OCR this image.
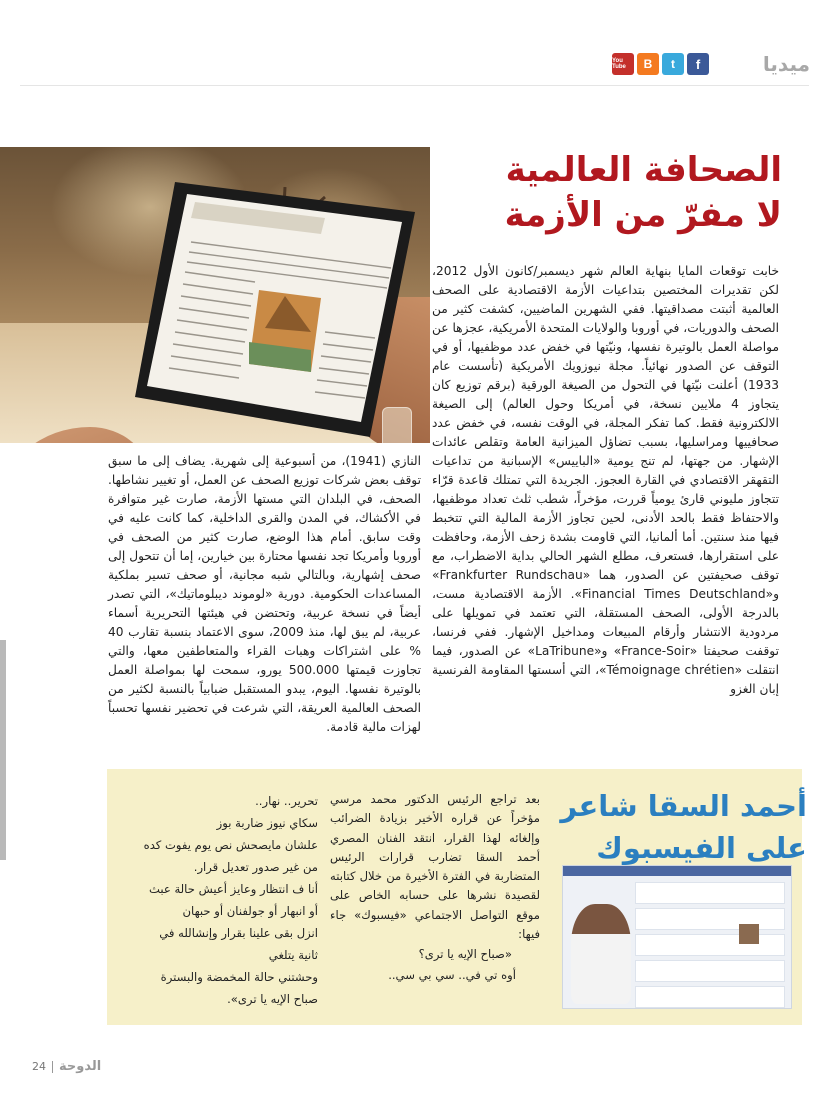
You Tube	B	t	f	ميديا
الصحافة العالمية
لا مفرّ من الأزمة
خابت توقعات المايا بنهاية العالم شهر ديسمبر/كانون الأول 2012، لكن تقديرات المختصين بتداعيات الأزمة الاقتصادية على الصحف العالمية أثبتت مصداقيتها. ففي الشهرين الماضيين، كشفت كثير من الصحف والدوريات، في أوروبا والولايات المتحدة الأمريكية، عجزها عن مواصلة العمل بالوتيرة نفسها، ونيّتها في خفض عدد موظفيها، أو في التوقف عن الصدور نهائياً. مجلة نيوزويك الأمريكية (تأسست عام 1933) أعلنت نيّتها في التحول من الصيغة الورقية (برقم توزيع كان يتجاوز 4 ملايين نسخة، في أمريكا وحول العالم) إلى الصيغة الالكترونية فقط. كما تفكر المجلة، في الوقت نفسه، في خفض عدد صحافييها ومراسليها، بسبب تضاؤل الميزانية العامة وتقلص عائدات الإشهار. من جهتها، لم تنج يومية «الباييس» الإسبانية من تداعيات التقهقر الاقتصادي في القارة العجوز. الجريدة التي تمتلك قاعدة قرّاء تتجاوز مليوني قارئ يومياً قررت، مؤخراً، شطب ثلث تعداد موظفيها، والاحتفاظ فقط بالحد الأدنى، لحين تجاوز الأزمة المالية التي تتخبط فيها منذ سنتين. أما ألمانيا، التي قاومت بشدة زحف الأزمة، وحافظت على استقرارها، فستعرف، مطلع الشهر الحالي بداية الاضطراب، مع توقف صحيفتين عن الصدور، هما «Frankfurter Rundschau» و«Financial Times Deutschland». الأزمة الاقتصادية مست، بالدرجة الأولى، الصحف المستقلة، التي تعتمد في تمويلها على مردودية الانتشار وأرقام المبيعات ومداخيل الإشهار. ففي فرنسا، توقفت صحيفتا «France-Soir» و«LaTribune» عن الصدور، فيما انتقلت «Témoignage chrétien»، التي أسستها المقاومة الفرنسية إبان الغزو
النازي (1941)، من أسبوعية إلى شهرية. يضاف إلى ما سبق توقف بعض شركات توزيع الصحف عن العمل، أو تغيير نشاطها. الصحف، في البلدان التي مستها الأزمة، صارت غير متوافرة في الأكشاك، في المدن والقرى الداخلية، كما كانت عليه في وقت سابق. أمام هذا الوضع، صارت كثير من الصحف في أوروبا وأمريكا تجد نفسها محتارة بين خيارين، إما أن تتحول إلى صحف إشهارية، وبالتالي شبه مجانية، أو صحف تسير بملكية المساعدات الحكومية. دورية «لوموند ديبلوماتيك»، التي تصدر أيضاً في نسخة عربية، وتحتضن في هيئتها التحريرية أسماء عربية، لم يبق لها، منذ 2009، سوى الاعتماد بنسبة تقارب 40 % على اشتراكات وهبات القراء والمتعاطفين معها، والتي تجاوزت قيمتها 500.000 يورو، سمحت لها بمواصلة العمل بالوتيرة نفسها. اليوم، يبدو المستقبل ضبابياً بالنسبة لكثير من الصحف العالمية العريقة، التي شرعت في تحضير نفسها تحسباً لهزات مالية قادمة.
أحمد السقا شاعر
على الفيسبوك

بعد تراجع الرئيس الدكتور محمد مرسي مؤخراً عن قراره الأخير بزيادة الضرائب وإلغائه لهذا القرار، انتقد الفنان المصري أحمد السقا تضارب قرارات الرئيس المتضاربة في الفترة الأخيرة من خلال كتابته لقصيدة نشرها على حسابه الخاص على موقع التواصل الاجتماعي «فيسبوك» جاء فيها:

«صباح الإيه يا ترى؟

أوه تي في.. سي بي سي..

تحرير.. نهار..

سكاي نيوز ضاربة بوز

علشان مايصحش نص يوم يفوت كده

من غير صدور تعديل قرار.

أنا ف انتظار وعايز أعيش حالة عبث

أو انبهار أو جولفنان أو حبهان

انزل بقى علينا بقرار وإنشالله في

ثانية يتلغي

وحشتني حالة المخمضة والبسترة

صباح الإيه يا ترى».

24 الدوحة
